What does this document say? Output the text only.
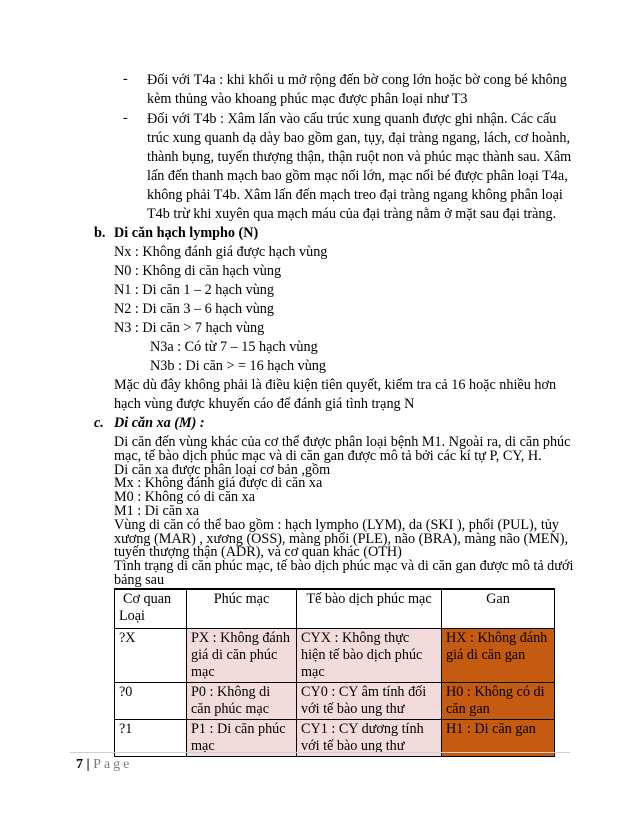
- Đối với T4a : khi khối u mở rộng đến bờ cong lớn hoặc bờ cong bé không
kèm thủng vào khoang phúc mạc được phân loại như T3
- Đối với T4b : Xâm lấn vào cấu trúc xung quanh được ghi nhận. Các cấu
trúc xung quanh dạ dày bao gồm gan, tụy, đại tràng ngang, lách, cơ hoành,
thành bụng, tuyến thượng thận, thận ruột non và phúc mạc thành sau. Xâm
lấn đến thanh mạch bao gồm mạc nối lớn, mạc nối bé được phân loại T4a,
không phải T4b. Xâm lấn đến mạch treo đại tràng ngang không phân loại
T4b trừ khi xuyên qua mạch máu của đại tràng nằm ở mặt sau đại tràng.
b. Di căn hạch lympho (N)
Nx : Không đánh giá được hạch vùng
N0 : Không di căn hạch vùng
N1 : Di căn 1 – 2 hạch vùng
N2 : Di căn 3 – 6 hạch vùng
N3 : Di căn > 7 hạch vùng
N3a : Có từ 7 – 15 hạch vùng
N3b : Di căn > = 16 hạch vùng
Mặc dù đây không phải là điều kiện tiên quyết, kiểm tra cả 16 hoặc nhiều hơn
hạch vùng được khuyến cáo để đánh giá tình trạng N
c. Di căn xa (M) :
Di căn đến vùng khác của cơ thể được phân loại bệnh M1. Ngoài ra, di căn phúc
mạc, tế bào dịch phúc mạc và di căn gan được mô tả bởi các kí tự P, CY, H.
Di căn xa được phân loại cơ bản ,gồm
Mx : Không đánh giá được di căn xa
M0 : Không có di căn xa
M1 : Di căn xa
Vùng di căn có thể bao gồm : hạch lympho (LYM), da (SKI ), phổi (PUL), tủy
xương (MAR) , xương (OSS), màng phổi (PLE), não (BRA), màng não (MEN),
tuyến thượng thận (ADR), và cơ quan khác (OTH)
Tình trạng di căn phúc mạc, tế bào dịch phúc mạc và di căn gan được mô tả dưới
bảng sau
Cơ quan
Loại	Phúc mạc	Tế bào dịch phúc mạc	Gan
?X	PX : Không đánh giá di căn phúc mạc	CYX : Không thực hiện tế bào dịch phúc mạc	HX : Không đánh giá di căn gan
?0	P0 : Không di căn phúc mạc	CY0 : CY âm tính đối với tế bào ung thư	H0 : Không có di căn gan
?1	P1 : Di căn phúc mạc	CY1 : CY dương tính với tế bào ung thư	H1 : Di căn gan
7 | Page
